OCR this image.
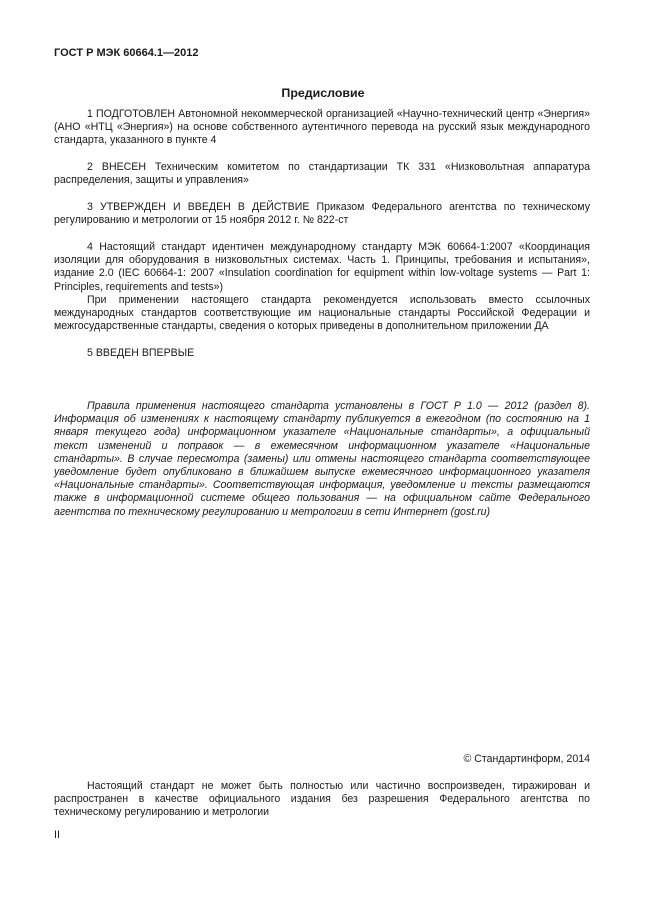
ГОСТ Р МЭК 60664.1—2012
Предисловие

1 ПОДГОТОВЛЕН Автономной некоммерческой организацией «Научно-технический центр «Энергия» (АНО «НТЦ «Энергия») на основе собственного аутентичного перевода на русский язык международного стандарта, указанного в пункте 4

2 ВНЕСЕН Техническим комитетом по стандартизации ТК 331 «Низковольтная аппаратура распределения, защиты и управления»

3 УТВЕРЖДЕН И ВВЕДЕН В ДЕЙСТВИЕ Приказом Федерального агентства по техническому регулированию и метрологии от 15 ноября 2012 г. № 822-ст

4 Настоящий стандарт идентичен международному стандарту МЭК 60664-1:2007 «Координация изоляции для оборудования в низковольтных системах. Часть 1. Принципы, требования и испытания», издание 2.0 (IEC 60664-1: 2007 «Insulation coordination for equipment within low-voltage systems — Part 1: Principles, requirements and tests»)

При применении настоящего стандарта рекомендуется использовать вместо ссылочных международных стандартов соответствующие им национальные стандарты Российской Федерации и межгосударственные стандарты, сведения о которых приведены в дополнительном приложении ДА

5 ВВЕДЕН ВПЕРВЫЕ

Правила применения настоящего стандарта установлены в ГОСТ Р 1.0 — 2012 (раздел 8). Информация об изменениях к настоящему стандарту публикуется в ежегодном (по состоянию на 1 января текущего года) информационном указателе «Национальные стандарты», а официальный текст изменений и поправок — в ежемесячном информационном указателе «Национальные стандарты». В случае пересмотра (замены) или отмены настоящего стандарта соответствующее уведомление будет опубликовано в ближайшем выпуске ежемесячного информационного указателя «Национальные стандарты». Соответствующая информация, уведомление и тексты размещаются также в информационной системе общего пользования — на официальном сайте Федерального агентства по техническому регулированию и метрологии в сети Интернет (gost.ru)

© Стандартинформ, 2014

Настоящий стандарт не может быть полностью или частично воспроизведен, тиражирован и распространен в качестве официального издания без разрешения Федерального агентства по техническому регулированию и метрологии

II
